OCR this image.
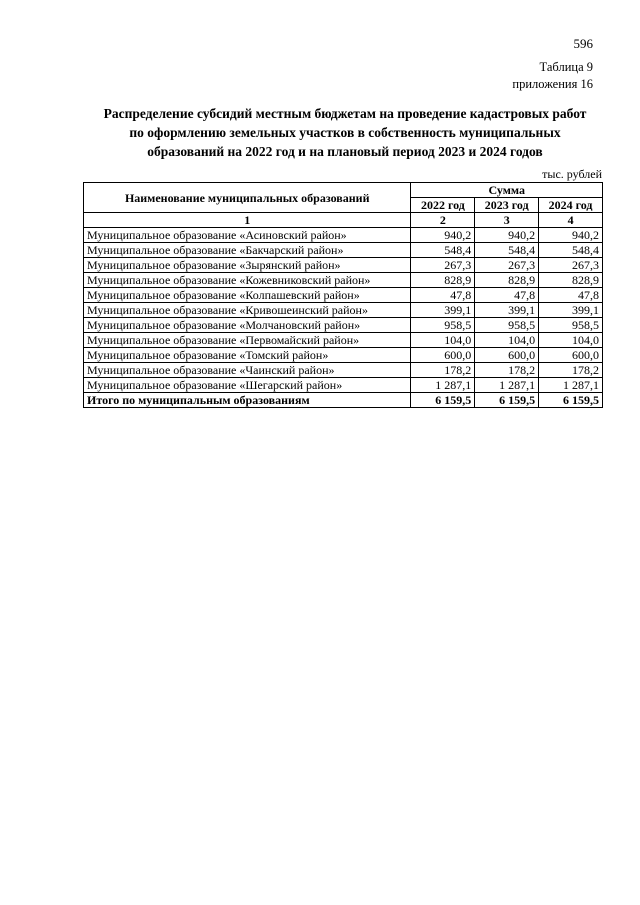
596
Таблица 9
приложения 16
Распределение субсидий местным бюджетам на проведение кадастровых работ
по оформлению земельных участков в собственность муниципальных
образований на 2022 год и на плановый период 2023 и 2024 годов
тыс. рублей
Наименование муниципальных образований	Сумма		
	2022 год	2023 год	2024 год
1	2	3	4
Муниципальное образование «Асиновский район»	940,2	940,2	940,2
Муниципальное образование «Бакчарский район»	548,4	548,4	548,4
Муниципальное образование «Зырянский район»	267,3	267,3	267,3
Муниципальное образование «Кожевниковский район»	828,9	828,9	828,9
Муниципальное образование «Колпашевский район»	47,8	47,8	47,8
Муниципальное образование «Кривошеинский район»	399,1	399,1	399,1
Муниципальное образование «Молчановский район»	958,5	958,5	958,5
Муниципальное образование «Первомайский район»	104,0	104,0	104,0
Муниципальное образование «Томский район»	600,0	600,0	600,0
Муниципальное образование «Чаинский район»	178,2	178,2	178,2
Муниципальное образование «Шегарский район»	1 287,1	1 287,1	1 287,1
Итого по муниципальным образованиям	6 159,5	6 159,5	6 159,5
